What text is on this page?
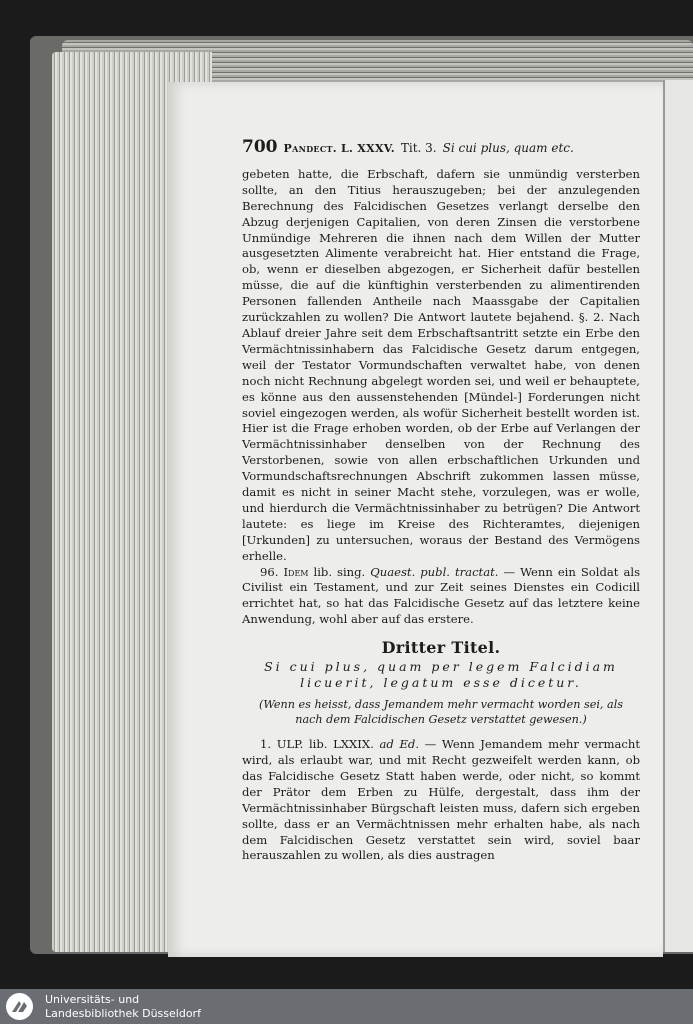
700 Pandect. L. XXXV. Tit. 3. Si cui plus, quam etc.

gebeten hatte, die Erbschaft, dafern sie unmündig versterben sollte, an den Titius herauszugeben; bei der anzulegenden Berechnung des Falcidischen Gesetzes verlangt derselbe den Abzug derjenigen Capitalien, von deren Zinsen die verstorbene Unmündige Mehreren die ihnen nach dem Willen der Mutter ausgesetzten Alimente verabreicht hat. Hier entstand die Frage, ob, wenn er dieselben abgezogen, er Sicherheit dafür bestellen müsse, die auf die künftighin versterbenden zu alimentirenden Personen fallenden Antheile nach Maassgabe der Capitalien zurückzahlen zu wollen? Die Antwort lautete bejahend. §. 2. Nach Ablauf dreier Jahre seit dem Erbschaftsantritt setzte ein Erbe den Vermächtnissinhabern das Falcidische Gesetz darum entgegen, weil der Testator Vormundschaften verwaltet habe, von denen noch nicht Rechnung abgelegt worden sei, und weil er behauptete, es könne aus den aussenstehenden [Mündel-] Forderungen nicht soviel eingezogen werden, als wofür Sicherheit bestellt worden ist. Hier ist die Frage erhoben worden, ob der Erbe auf Verlangen der Vermächtnissinhaber denselben von der Rechnung des Verstorbenen, sowie von allen erbschaftlichen Urkunden und Vormundschaftsrechnungen Abschrift zukommen lassen müsse, damit es nicht in seiner Macht stehe, vorzulegen, was er wolle, und hierdurch die Vermächtnissinhaber zu betrügen? Die Antwort lautete: es liege im Kreise des Richteramtes, diejenigen [Urkunden] zu untersuchen, woraus der Bestand des Vermögens erhelle.

96. Idem lib. sing. Quaest. publ. tractat. — Wenn ein Soldat als Civilist ein Testament, und zur Zeit seines Dienstes ein Codicill errichtet hat, so hat das Falcidische Gesetz auf das letztere keine Anwendung, wohl aber auf das erstere.

Dritter Titel.
Si cui plus, quam per legem Falcidiam
licuerit, legatum esse dicetur.
(Wenn es heisst, dass Jemandem mehr vermacht worden sei, als
nach dem Falcidischen Gesetz verstattet gewesen.)

1. ULP. lib. LXXIX. ad Ed. — Wenn Jemandem mehr vermacht wird, als erlaubt war, und mit Recht gezweifelt werden kann, ob das Falcidische Gesetz Statt haben werde, oder nicht, so kommt der Prätor dem Erben zu Hülfe, dergestalt, dass ihm der Vermächtnissinhaber Bürgschaft leisten muss, dafern sich ergeben sollte, dass er an Vermächtnissen mehr erhalten habe, als nach dem Falcidischen Gesetz verstattet sein wird, soviel baar herauszahlen zu wollen, als dies austragen

Universitäts- und
Landesbibliothek Düsseldorf
